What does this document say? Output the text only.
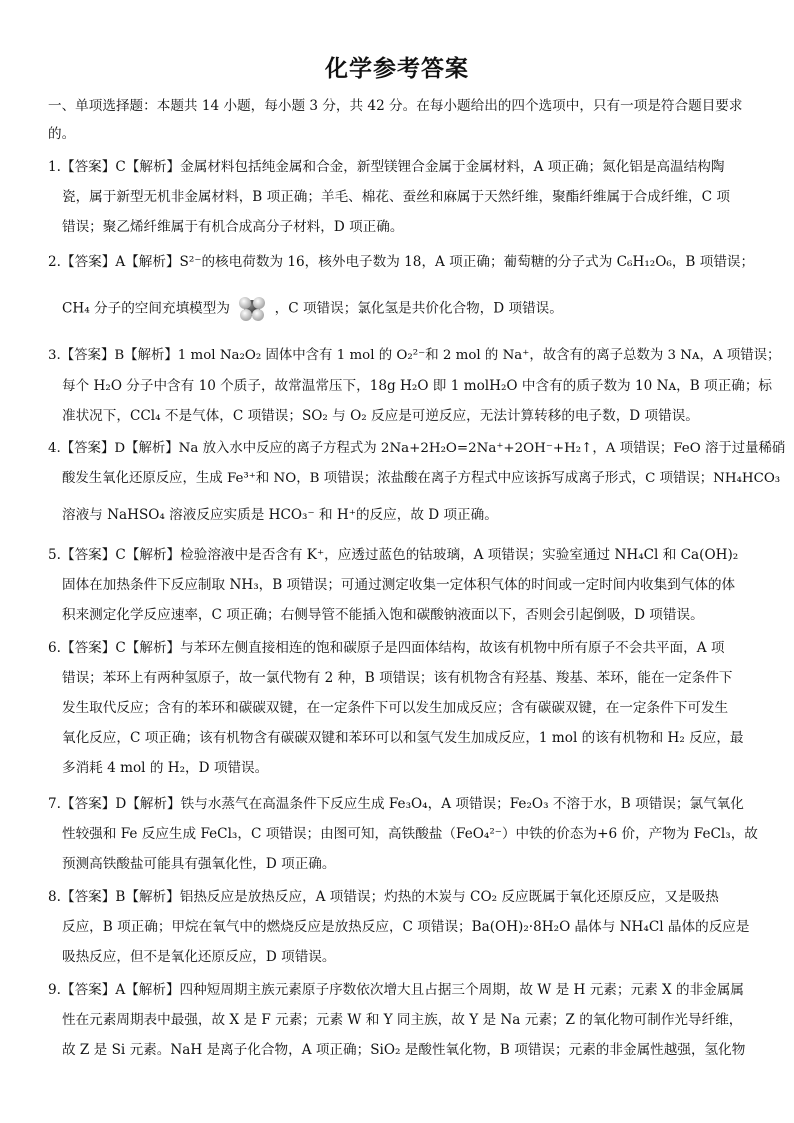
化学参考答案
一、单项选择题：本题共 14 小题，每小题 3 分，共 42 分。在每小题给出的四个选项中，只有一项是符合题目要求
的。
1.【答案】C【解析】金属材料包括纯金属和合金，新型镁锂合金属于金属材料，A 项正确；氮化铝是高温结构陶
瓷，属于新型无机非金属材料，B 项正确；羊毛、棉花、蚕丝和麻属于天然纤维，聚酯纤维属于合成纤维，C 项
错误；聚乙烯纤维属于有机合成高分子材料，D 项正确。
2.【答案】A【解析】S²⁻的核电荷数为 16，核外电子数为 18，A 项正确；葡萄糖的分子式为 C₆H₁₂O₆，B 项错误；
CH₄ 分子的空间充填模型为	，C 项错误；氯化氢是共价化合物，D 项错误。
3.【答案】B【解析】1 mol Na₂O₂ 固体中含有 1 mol 的 O₂²⁻和 2 mol 的 Na⁺，故含有的离子总数为 3 Nᴀ，A 项错误；
每个 H₂O 分子中含有 10 个质子，故常温常压下，18g H₂O 即 1 molH₂O 中含有的质子数为 10 Nᴀ，B 项正确；标
准状况下，CCl₄ 不是气体，C 项错误；SO₂ 与 O₂ 反应是可逆反应，无法计算转移的电子数，D 项错误。
4.【答案】D【解析】Na 放入水中反应的离子方程式为 2Na+2H₂O=2Na⁺+2OH⁻+H₂↑，A 项错误；FeO 溶于过量稀硝
酸发生氧化还原反应，生成 Fe³⁺和 NO，B 项错误；浓盐酸在离子方程式中应该拆写成离子形式，C 项错误；NH₄HCO₃
溶液与 NaHSO₄ 溶液反应实质是 HCO₃⁻ 和 H⁺的反应，故 D 项正确。
5.【答案】C【解析】检验溶液中是否含有 K⁺，应透过蓝色的钴玻璃，A 项错误；实验室通过 NH₄Cl 和 Ca(OH)₂
固体在加热条件下反应制取 NH₃，B 项错误；可通过测定收集一定体积气体的时间或一定时间内收集到气体的体
积来测定化学反应速率，C 项正确；右侧导管不能插入饱和碳酸钠液面以下，否则会引起倒吸，D 项错误。
6.【答案】C【解析】与苯环左侧直接相连的饱和碳原子是四面体结构，故该有机物中所有原子不会共平面，A 项
错误；苯环上有两种氢原子，故一氯代物有 2 种，B 项错误；该有机物含有羟基、羧基、苯环，能在一定条件下
发生取代反应；含有的苯环和碳碳双键，在一定条件下可以发生加成反应；含有碳碳双键，在一定条件下可发生
氧化反应，C 项正确；该有机物含有碳碳双键和苯环可以和氢气发生加成反应，1 mol 的该有机物和 H₂ 反应，最
多消耗 4 mol 的 H₂，D 项错误。
7.【答案】D【解析】铁与水蒸气在高温条件下反应生成 Fe₃O₄，A 项错误；Fe₂O₃ 不溶于水，B 项错误；氯气氧化
性较强和 Fe 反应生成 FeCl₃，C 项错误；由图可知，高铁酸盐（FeO₄²⁻）中铁的价态为+6 价，产物为 FeCl₃，故
预测高铁酸盐可能具有强氧化性，D 项正确。
8.【答案】B【解析】铝热反应是放热反应，A 项错误；灼热的木炭与 CO₂ 反应既属于氧化还原反应，又是吸热
反应，B 项正确；甲烷在氧气中的燃烧反应是放热反应，C 项错误；Ba(OH)₂·8H₂O 晶体与 NH₄Cl 晶体的反应是
吸热反应，但不是氧化还原反应，D 项错误。
9.【答案】A【解析】四种短周期主族元素原子序数依次增大且占据三个周期，故 W 是 H 元素；元素 X 的非金属属
性在元素周期表中最强，故 X 是 F 元素；元素 W 和 Y 同主族，故 Y 是 Na 元素；Z 的氧化物可制作光导纤维，
故 Z 是 Si 元素。NaH 是离子化合物，A 项正确；SiO₂ 是酸性氧化物，B 项错误；元素的非金属性越强，氢化物
